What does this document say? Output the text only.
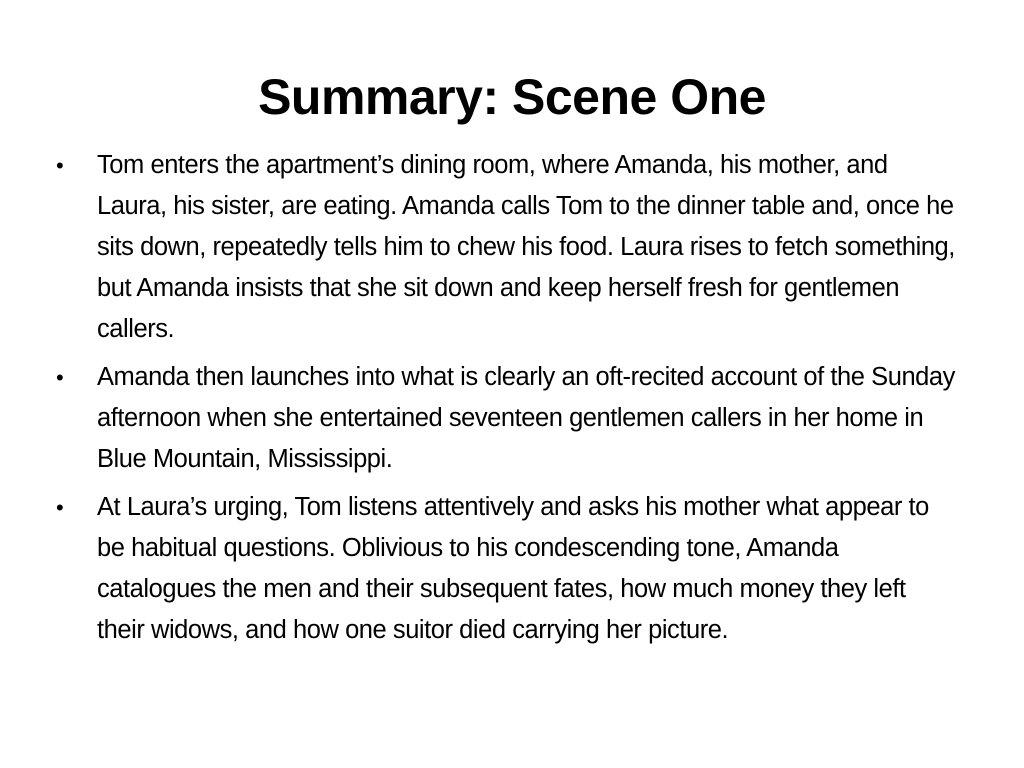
Summary: Scene One
•	Tom enters the apartment’s dining room, where Amanda, his mother, and Laura, his sister, are eating. Amanda calls Tom to the dinner table and, once he sits down, repeatedly tells him to chew his food. Laura rises to fetch something, but Amanda insists that she sit down and keep herself fresh for gentlemen callers.
•	Amanda then launches into what is clearly an oft-recited account of the Sunday afternoon when she entertained seventeen gentlemen callers in her home in Blue Mountain, Mississippi.
•	At Laura’s urging, Tom listens attentively and asks his mother what appear to be habitual questions. Oblivious to his condescending tone, Amanda catalogues the men and their subsequent fates, how much money they left their widows, and how one suitor died carrying her picture.
